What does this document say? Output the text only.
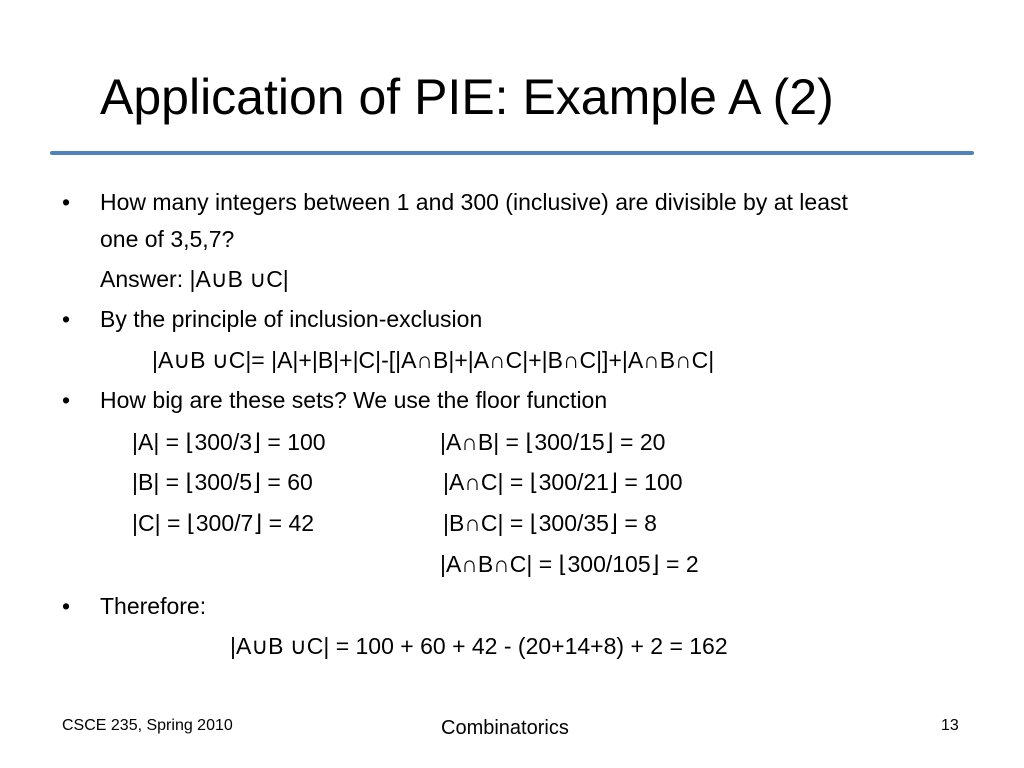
Application of PIE: Example A (2)
• How many integers between 1 and 300 (inclusive) are divisible by at least
one of 3,5,7?
Answer: |A∪B ∪C|
• By the principle of inclusion-exclusion
|A∪B ∪C|= |A|+|B|+|C|-[|A∩B|+|A∩C|+|B∩C|]+|A∩B∩C|
• How big are these sets? We use the floor function
|A| = ⌊300/3⌋ = 100
|B| = ⌊300/5⌋ = 60
|C| = ⌊300/7⌋ = 42
|A∩B| = ⌊300/15⌋ = 20
|A∩C| = ⌊300/21⌋ = 100
|B∩C| = ⌊300/35⌋ = 8
|A∩B∩C| = ⌊300/105⌋ = 2
• Therefore:
|A∪B ∪C| = 100 + 60 + 42 - (20+14+8) + 2 = 162
CSCE 235, Spring 2010	Combinatorics	13
